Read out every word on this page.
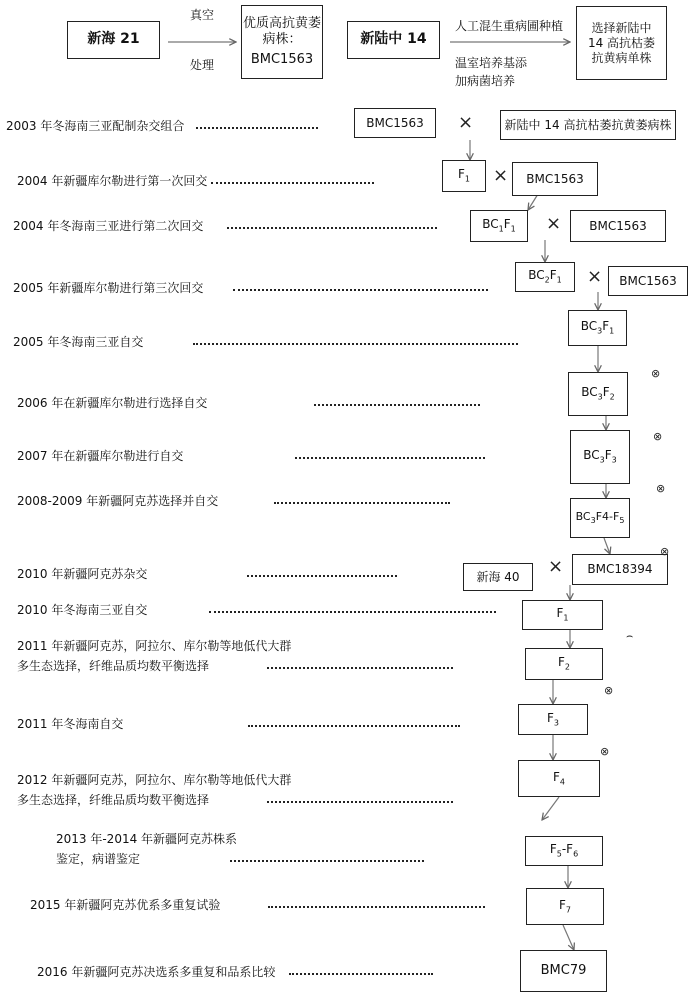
新海 21
真空
处理
优质高抗黄萎病株：
BMC1563
新陆中 14
人工混生重病圃种植
温室培养基添
加病菌培养
选择新陆中
14 高抗枯萎
抗黄病单株
2003 年冬海南三亚配制杂交组合
2004 年新疆库尔勒进行第一次回交
2004 年冬海南三亚进行第二次回交
2005 年新疆库尔勒进行第三次回交
2005 年冬海南三亚自交
2006 年在新疆库尔勒进行选择自交
2007 年在新疆库尔勒进行自交
2008-2009 年新疆阿克苏选择并自交
2010 年新疆阿克苏杂交
2010 年冬海南三亚自交
2011 年新疆阿克苏，阿拉尔、库尔勒等地低代大群
多生态选择，纤维品质均数平衡选择
2011 年冬海南自交
2012 年新疆阿克苏，阿拉尔、库尔勒等地低代大群
多生态选择，纤维品质均数平衡选择
2013 年-2014 年新疆阿克苏株系
鉴定，病谱鉴定
2015 年新疆阿克苏优系多重复试验
2016 年新疆阿克苏决选系多重复和品系比较
BMC1563 ×	新陆中 14 高抗枯萎抗黄萎病株
$F_1 \times BMC1563$
$BC_1F_1 \times BMC1563$
$BC_2F_1 \times BMC1563$
$BC_3F_1$
$BC_3F_2$
⊗
$BC_3F_3$
⊗
$BC_3F4-F_5$
⊗
新海 40 × BMC18394
⊗
$F_1$
⌢
$F_2$
⊗
$F_3$
⊗
$F_4$
$F_5-F_6$
$F_7$
BMC79
